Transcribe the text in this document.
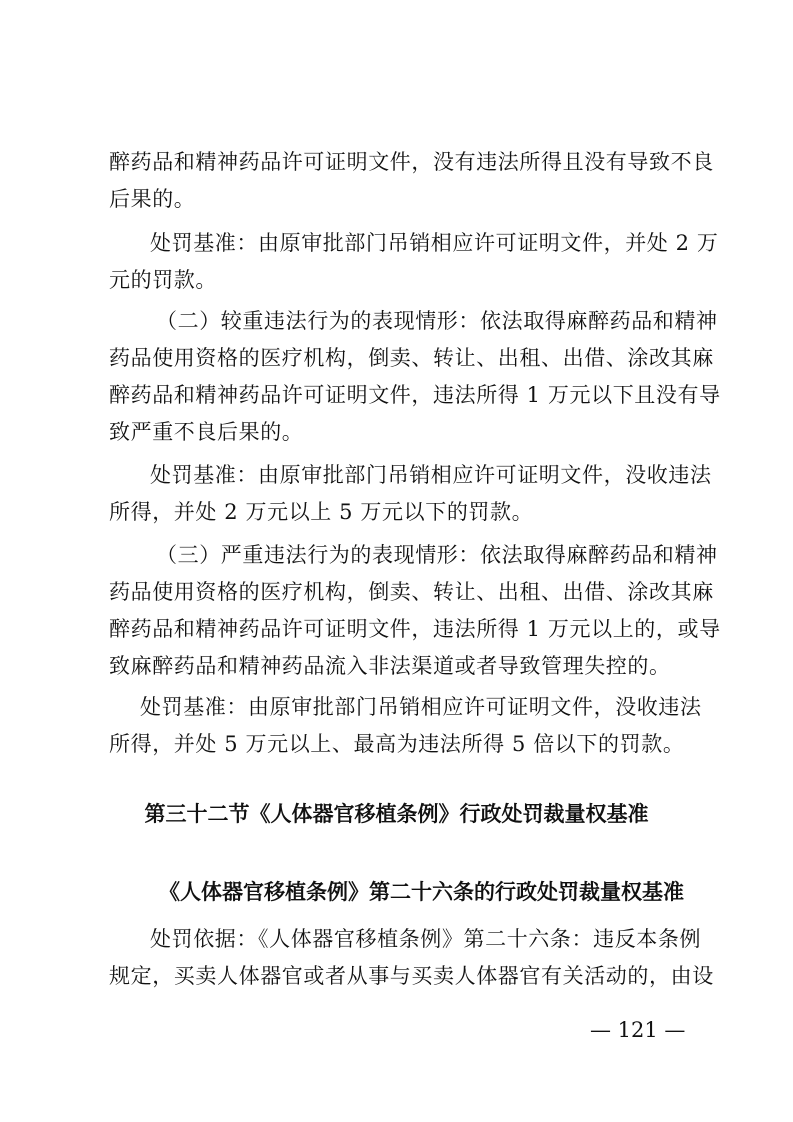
醉药品和精神药品许可证明文件，没有违法所得且没有导致不良
后果的。
处罚基准：由原审批部门吊销相应许可证明文件，并处 2 万
元的罚款。
（二）较重违法行为的表现情形：依法取得麻醉药品和精神
药品使用资格的医疗机构，倒卖、转让、出租、出借、涂改其麻
醉药品和精神药品许可证明文件，违法所得 1 万元以下且没有导
致严重不良后果的。
处罚基准：由原审批部门吊销相应许可证明文件，没收违法
所得，并处 2 万元以上 5 万元以下的罚款。
（三）严重违法行为的表现情形：依法取得麻醉药品和精神
药品使用资格的医疗机构，倒卖、转让、出租、出借、涂改其麻
醉药品和精神药品许可证明文件，违法所得 1 万元以上的，或导
致麻醉药品和精神药品流入非法渠道或者导致管理失控的。
处罚基准：由原审批部门吊销相应许可证明文件，没收违法
所得，并处 5 万元以上、最高为违法所得 5 倍以下的罚款。
第三十二节《人体器官移植条例》行政处罚裁量权基准
《人体器官移植条例》第二十六条的行政处罚裁量权基准
处罚依据：《人体器官移植条例》第二十六条：违反本条例
规定，买卖人体器官或者从事与买卖人体器官有关活动的，由设
— 121 —
